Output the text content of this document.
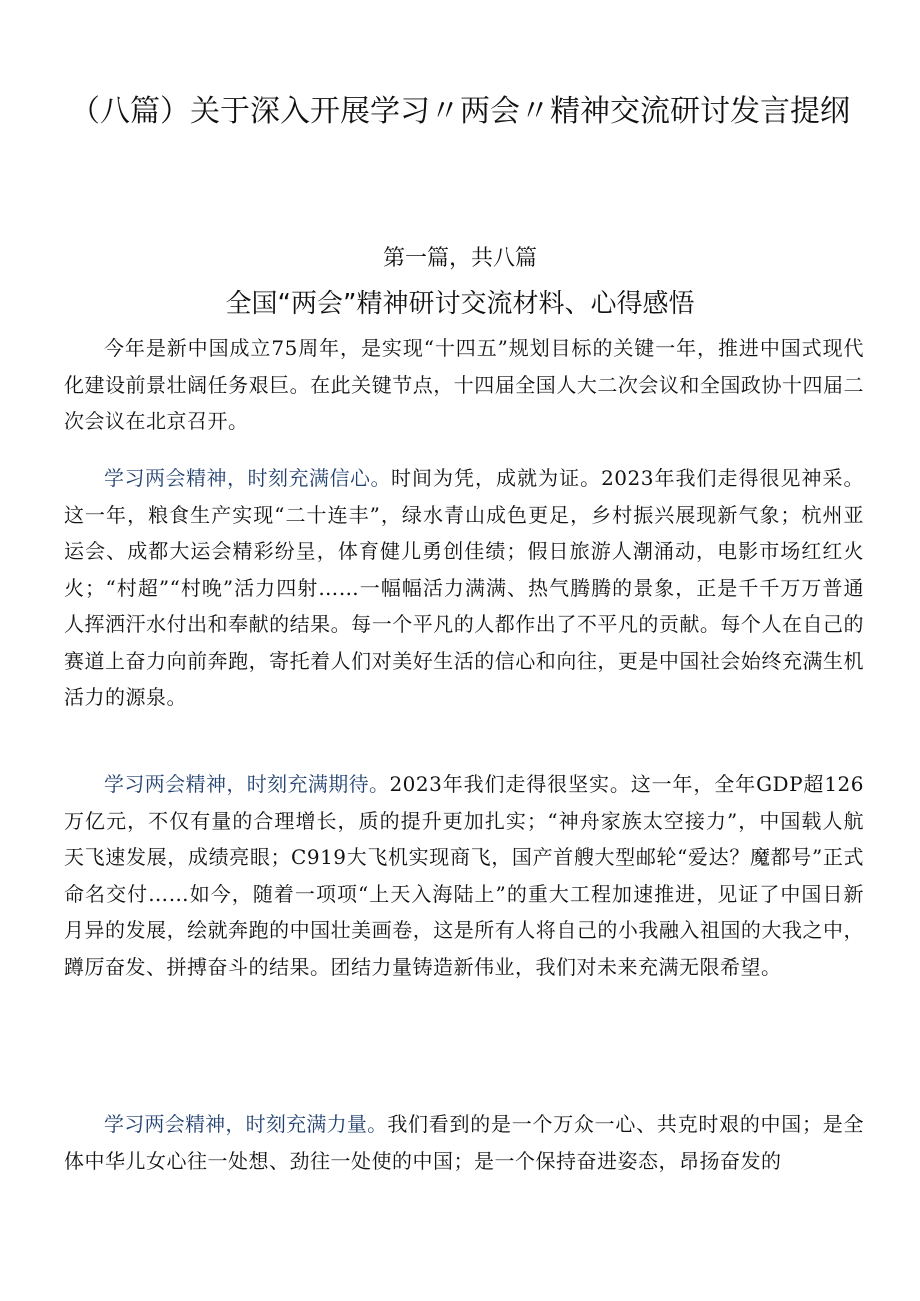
（八篇）关于深入开展学习〃两会〃精神交流研讨发言提纲
第一篇，共八篇
全国“两会”精神研讨交流材料、心得感悟

今年是新中国成立75周年，是实现“十四五”规划目标的关键一年，推进中国式现代化建设前景壮阔任务艰巨。在此关键节点，十四届全国人大二次会议和全国政协十四届二次会议在北京召开。

学习两会精神，时刻充满信心。时间为凭，成就为证。2023年我们走得很见神采。这一年，粮食生产实现“二十连丰”，绿水青山成色更足，乡村振兴展现新气象；杭州亚运会、成都大运会精彩纷呈，体育健儿勇创佳绩；假日旅游人潮涌动，电影市场红红火火；“村超”“村晚”活力四射……一幅幅活力满满、热气腾腾的景象，正是千千万万普通人挥洒汗水付出和奉献的结果。每一个平凡的人都作出了不平凡的贡献。每个人在自己的赛道上奋力向前奔跑，寄托着人们对美好生活的信心和向往，更是中国社会始终充满生机活力的源泉。

学习两会精神，时刻充满期待。2023年我们走得很坚实。这一年，全年GDP超126万亿元，不仅有量的合理增长，质的提升更加扎实；“神舟家族太空接力”，中国载人航天飞速发展，成绩亮眼；C919大飞机实现商飞，国产首艘大型邮轮“爱达？魔都号”正式命名交付……如今，随着一项项“上天入海陆上”的重大工程加速推进，见证了中国日新月异的发展，绘就奔跑的中国壮美画卷，这是所有人将自己的小我融入祖国的大我之中，蹲厉奋发、拼搏奋斗的结果。团结力量铸造新伟业，我们对未来充满无限希望。

学习两会精神，时刻充满力量。我们看到的是一个万众一心、共克时艰的中国；是全体中华儿女心往一处想、劲往一处使的中国；是一个保持奋进姿态，昂扬奋发的
